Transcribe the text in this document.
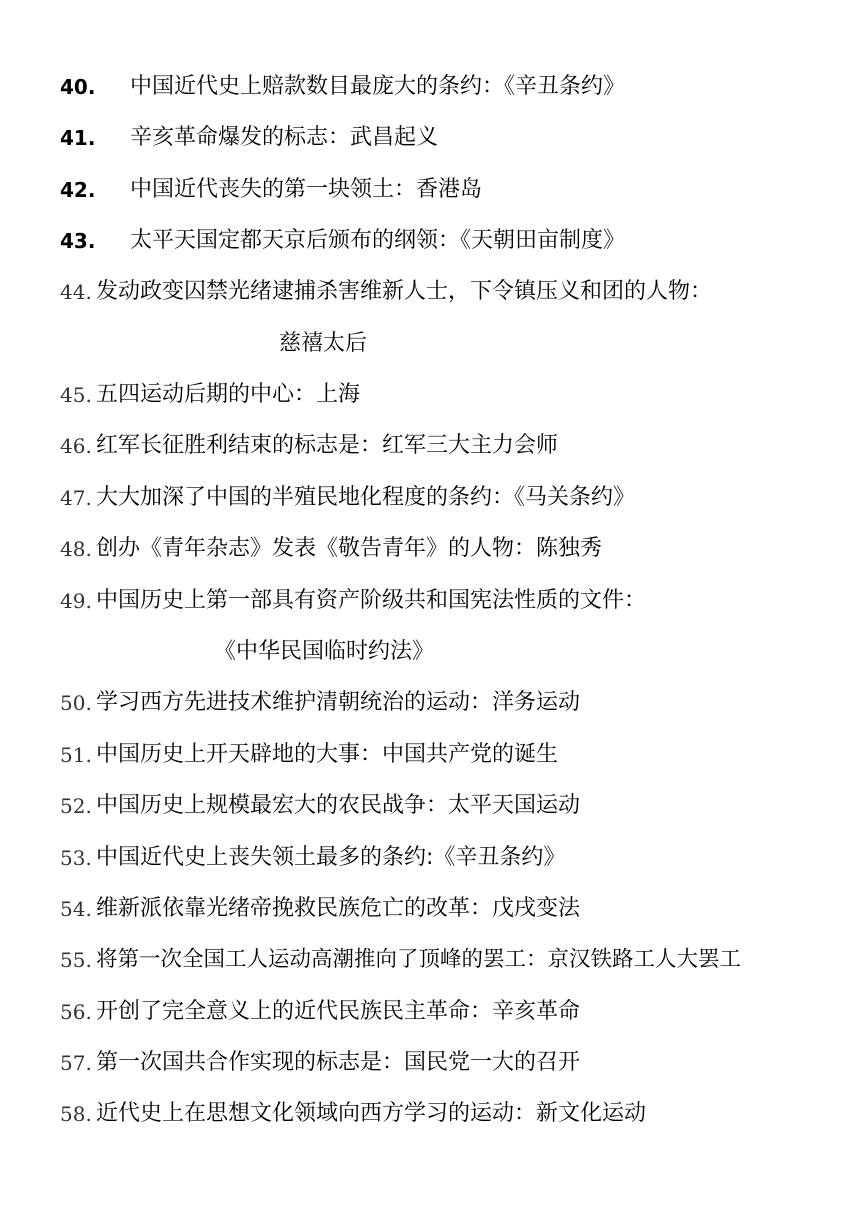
40. 中国近代史上赔款数目最庞大的条约：《辛丑条约》
41. 辛亥革命爆发的标志：武昌起义
42. 中国近代丧失的第一块领土：香港岛
43. 太平天国定都天京后颁布的纲领：《天朝田亩制度》
44. 发动政变囚禁光绪逮捕杀害维新人士，下令镇压义和团的人物：
慈禧太后
45. 五四运动后期的中心：上海
46. 红军长征胜利结束的标志是：红军三大主力会师
47. 大大加深了中国的半殖民地化程度的条约：《马关条约》
48. 创办《青年杂志》发表《敬告青年》的人物：陈独秀
49. 中国历史上第一部具有资产阶级共和国宪法性质的文件：
《中华民国临时约法》
50. 学习西方先进技术维护清朝统治的运动：洋务运动
51. 中国历史上开天辟地的大事：中国共产党的诞生
52. 中国历史上规模最宏大的农民战争：太平天国运动
53. 中国近代史上丧失领土最多的条约:《辛丑条约》
54. 维新派依靠光绪帝挽救民族危亡的改革：戊戌变法
55. 将第一次全国工人运动高潮推向了顶峰的罢工：京汉铁路工人大罢工
56. 开创了完全意义上的近代民族民主革命：辛亥革命
57. 第一次国共合作实现的标志是：国民党一大的召开
58. 近代史上在思想文化领域向西方学习的运动：新文化运动
